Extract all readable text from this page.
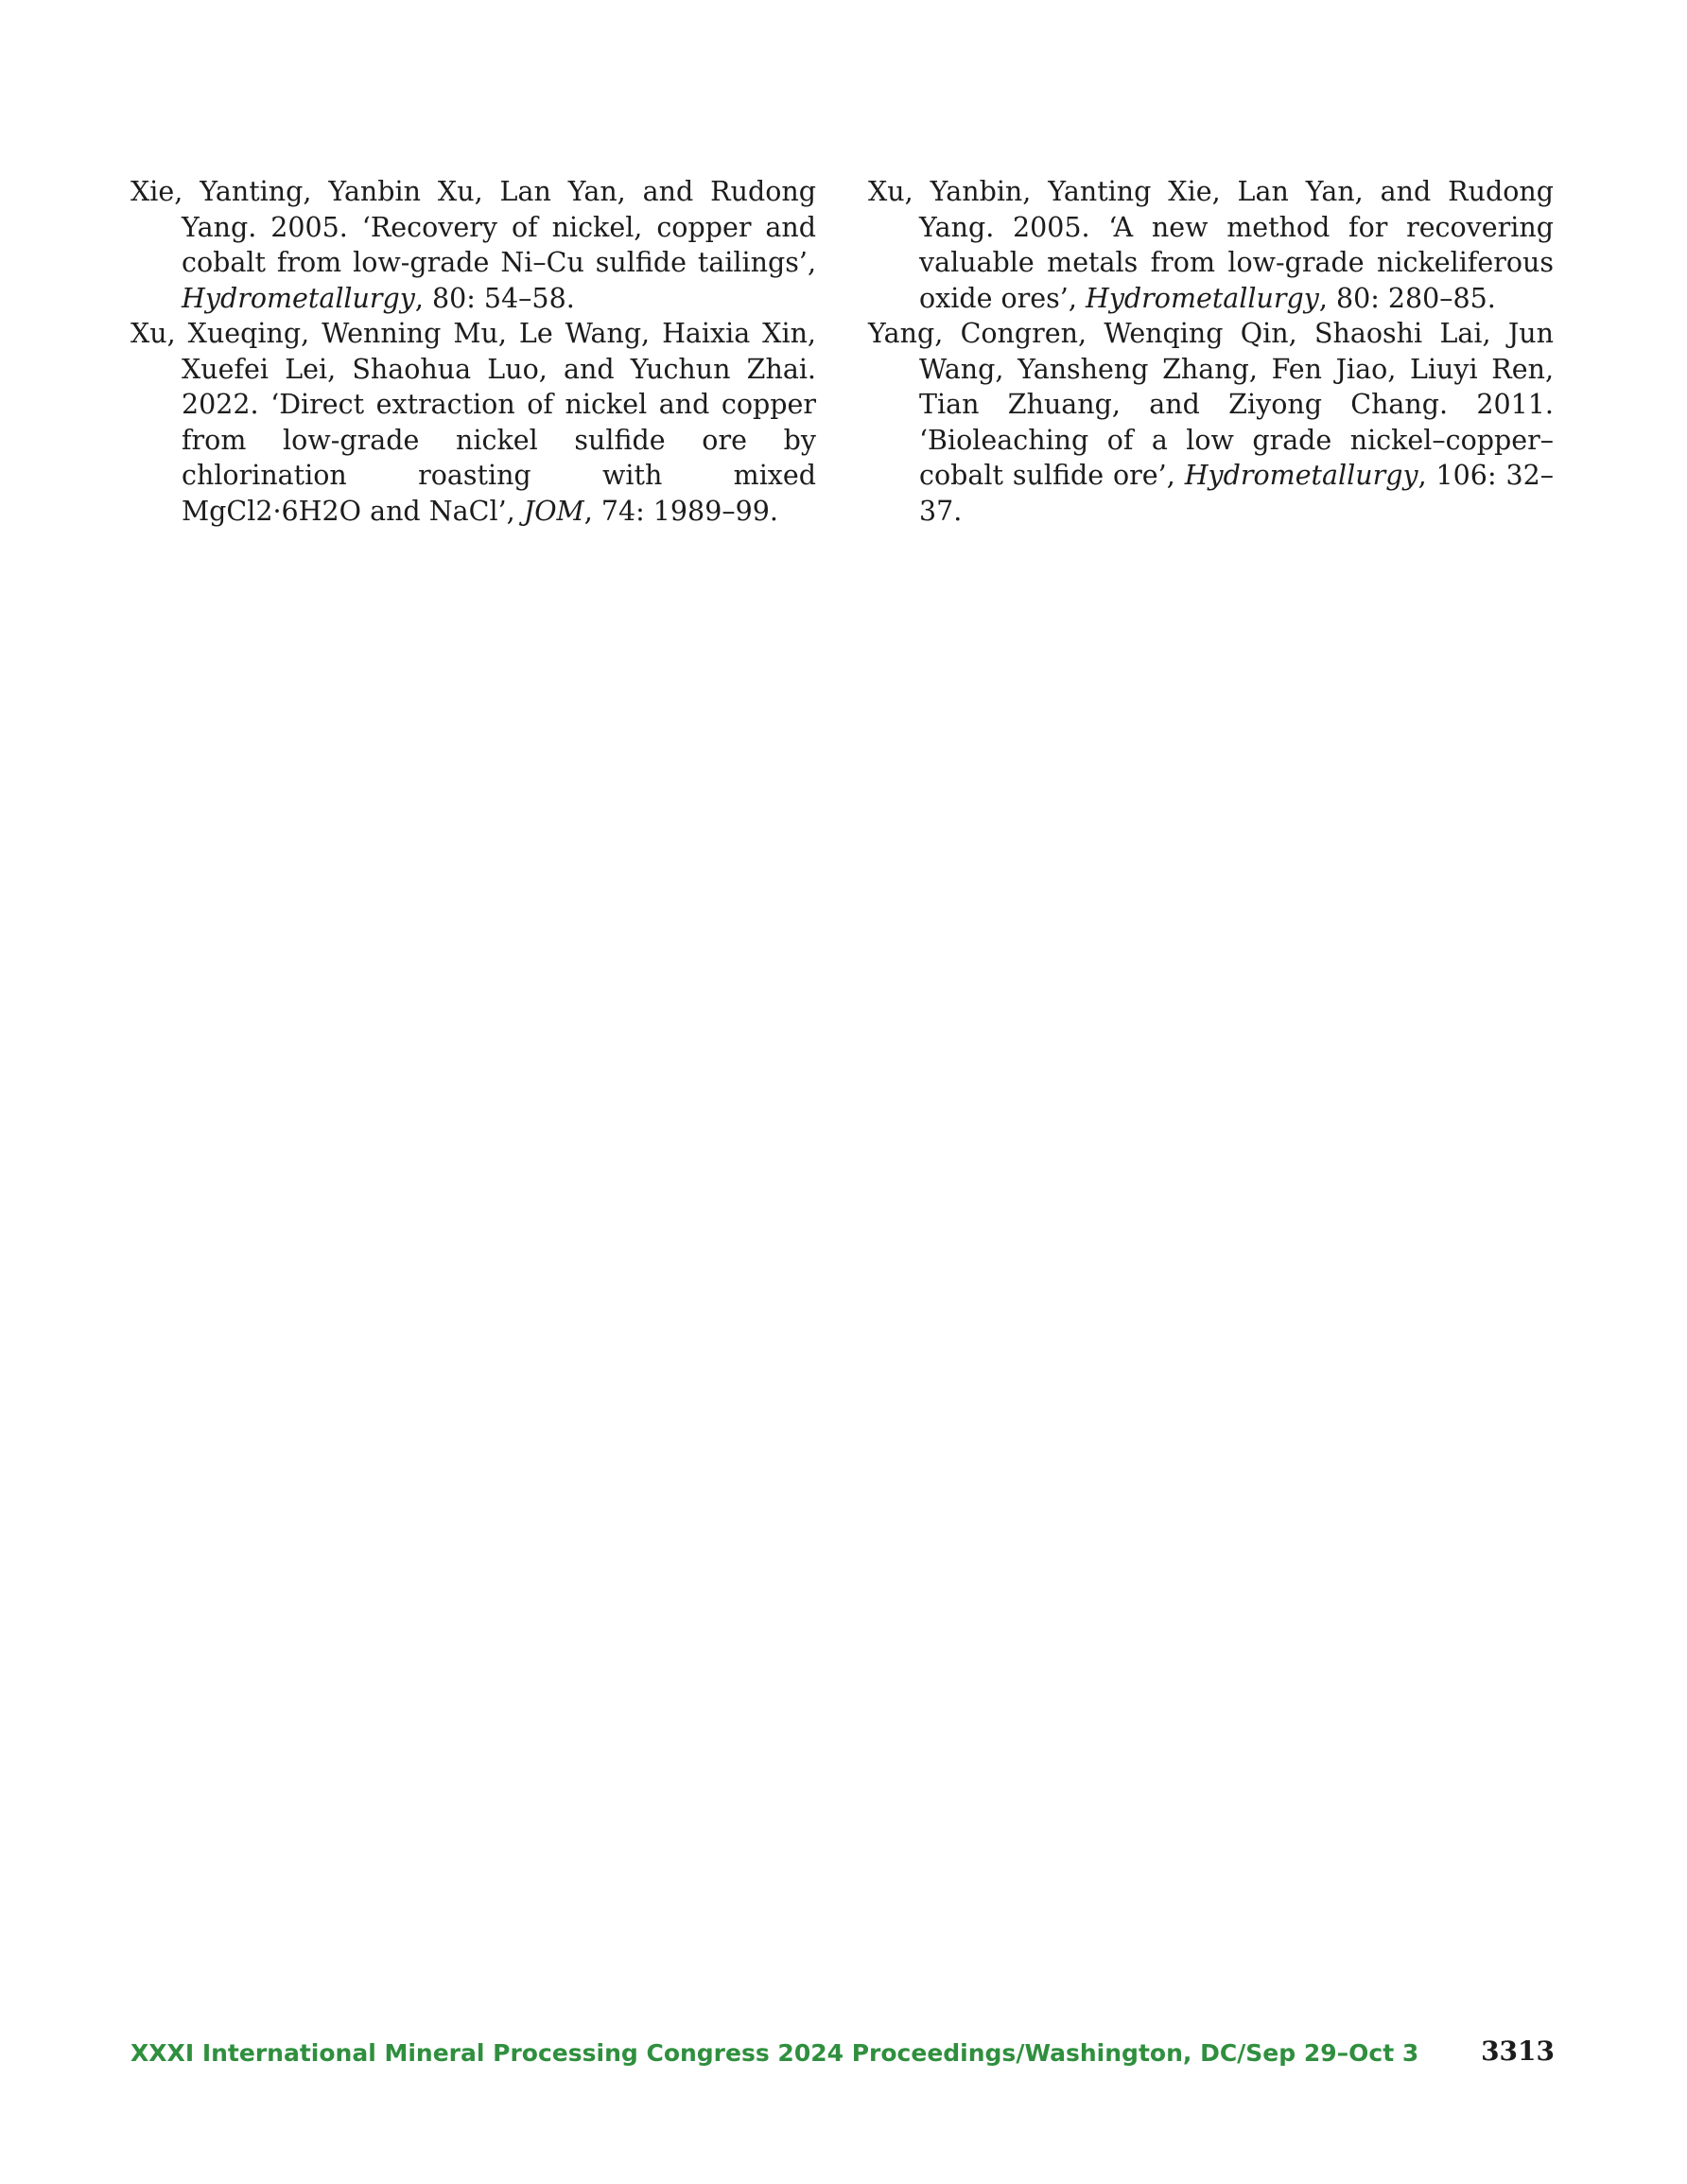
Xie, Yanting, Yanbin Xu, Lan Yan, and Rudong Yang. 2005. ‘Recovery of nickel, copper and cobalt from low-grade Ni–Cu sulfide tailings’, Hydrometallurgy, 80: 54–58.

Xu, Xueqing, Wenning Mu, Le Wang, Haixia Xin, Xuefei Lei, Shaohua Luo, and Yuchun Zhai. 2022. ‘Direct extraction of nickel and copper from low-grade nickel sulfide ore by chlorination roasting with mixed MgCl2·6H2O and NaCl’, JOM, 74: 1989–99.

Xu, Yanbin, Yanting Xie, Lan Yan, and Rudong Yang. 2005. ‘A new method for recovering valuable metals from low-grade nickeliferous oxide ores’, Hydrometallurgy, 80: 280–85.

Yang, Congren, Wenqing Qin, Shaoshi Lai, Jun Wang, Yansheng Zhang, Fen Jiao, Liuyi Ren, Tian Zhuang, and Ziyong Chang. 2011. ‘Bioleaching of a low grade nickel–copper–cobalt sulfide ore’, Hydrometallurgy, 106: 32–37.

XXXI International Mineral Processing Congress 2024 Proceedings/Washington, DC/Sep 29–Oct 3 3313
